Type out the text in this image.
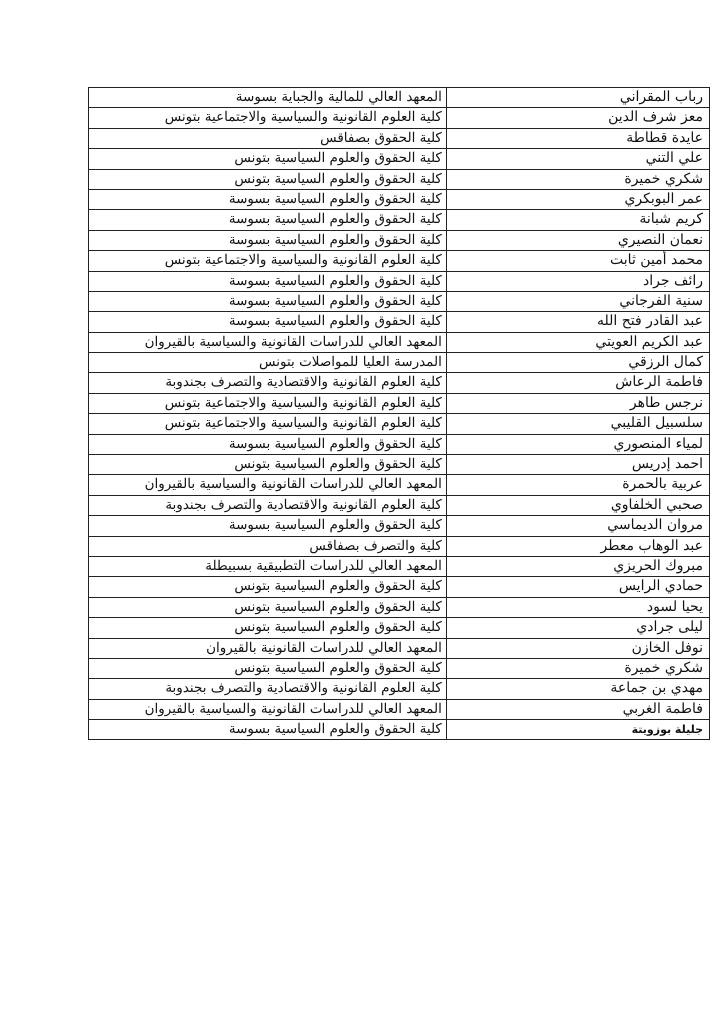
رباب المقراني
المعهد العالي للمالية والجباية بسوسة
معز شرف الدين
كلية العلوم القانونية والسياسية والاجتماعية بتونس
عايدة قطاطة
كلية الحقوق بصفاقس
علي التني
كلية الحقوق والعلوم السياسية بتونس
شكري خميرة
كلية الحقوق والعلوم السياسية بتونس
عمر البوبكري
كلية الحقوق والعلوم السياسية بسوسة
كريم شبانة
كلية الحقوق والعلوم السياسية بسوسة
نعمان النصيري
كلية الحقوق والعلوم السياسية بسوسة
محمد أمين ثابت
كلية العلوم القانونية والسياسية والاجتماعية بتونس
رائف جراد
كلية الحقوق والعلوم السياسية بسوسة
سنية الفرجاني
كلية الحقوق والعلوم السياسية بسوسة
عبد القادر فتح الله
كلية الحقوق والعلوم السياسية بسوسة
عبد الكريم العويتي
المعهد العالي للدراسات القانونية والسياسية بالقيروان
كمال الرزقي
المدرسة العليا للمواصلات بتونس
فاطمة الرعاش
كلية العلوم القانونية والاقتصادية والتصرف بجندوبة
نرجس طاهر
كلية العلوم القانونية والسياسية والاجتماعية بتونس
سلسبيل القليبي
كلية العلوم القانونية والسياسية والاجتماعية بتونس
لمياء المنصوري
كلية الحقوق والعلوم السياسية بسوسة
احمد إدريس
كلية الحقوق والعلوم السياسية بتونس
عربية بالحمرة
المعهد العالي للدراسات القانونية والسياسية بالقيروان
صحبي الخلفاوي
كلية العلوم القانونية والاقتصادية والتصرف بجندوبة
مروان الديماسي
كلية الحقوق والعلوم السياسية بسوسة
عبد الوهاب معطر
كلية والتصرف بصفاقس
مبروك الحريزي
المعهد العالي للدراسات التطبيقية بسبيطلة
حمادي الرايس
كلية الحقوق والعلوم السياسية بتونس
يحيا لسود
كلية الحقوق والعلوم السياسية بتونس
ليلى جرادي
كلية الحقوق والعلوم السياسية بتونس
نوفل الخازن
المعهد العالي للدراسات القانونية بالقيروان
شكري خميرة
كلية الحقوق والعلوم السياسية بتونس
مهدي بن جماعة
كلية العلوم القانونية والاقتصادية والتصرف بجندوبة
فاطمة الغربي
المعهد العالي للدراسات القانونية والسياسية بالقيروان
جليلة بوزويتة
كلية الحقوق والعلوم السياسية بسوسة
